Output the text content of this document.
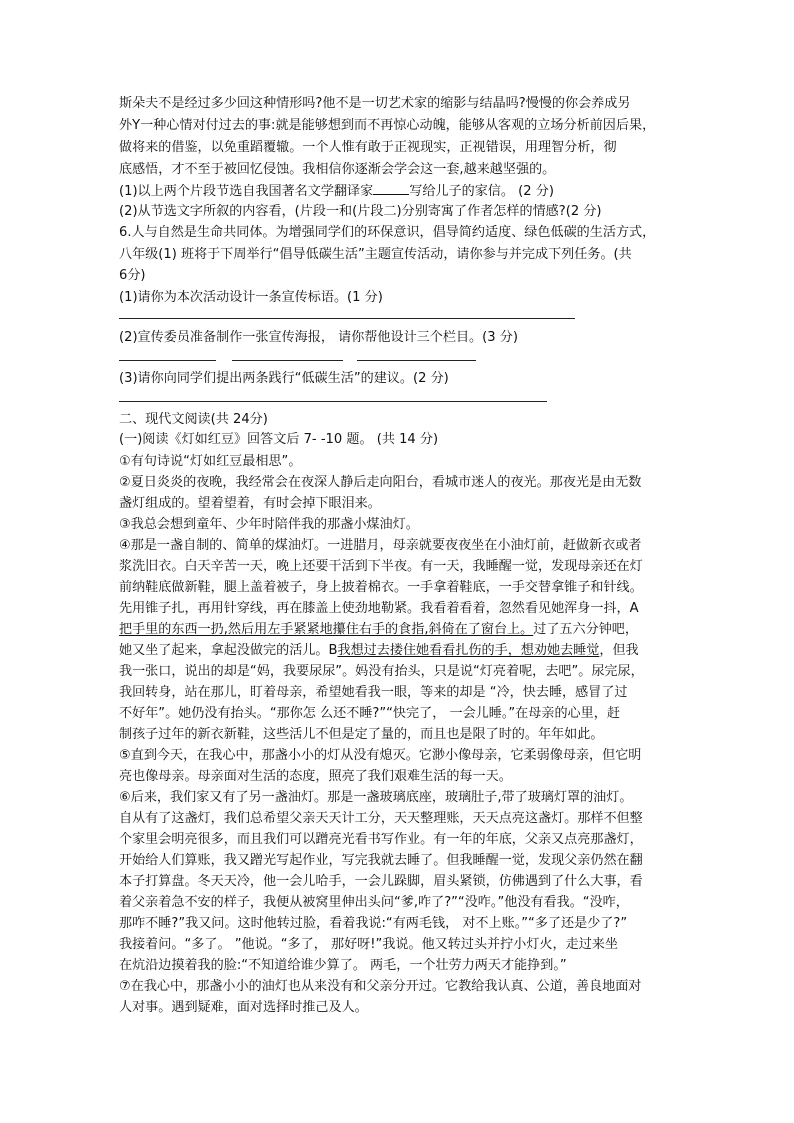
斯朵夫不是经过多少回这种情形吗?他不是一切艺术家的缩影与结晶吗?慢慢的你会养成另
外Y一种心情对付过去的事:就是能够想到而不再惊心动魄，能够从客观的立场分析前因后果，
做将来的借鉴，以免重蹈覆辙。一个人惟有敢于正视现实，正视错误，用理智分析，彻
底感悟，才不至于被回忆侵蚀。我相信你逐渐会学会这一套,越来越坚强的。
(1)以上两个片段节选自我国著名文学翻译家	写给儿子的家信。 (2 分)
(2)从节选文字所叙的内容看，(片段一和(片段二)分别寄寓了作者怎样的情感?(2 分)
6.人与自然是生命共同体。为增强同学们的环保意识，倡导简约适度、绿色低碳的生活方式，
八年级(1) 班将于下周举行“倡导低碳生活”主题宣传活动，请你参与并完成下列任务。(共
6分)
(1)请你为本次活动设计一条宣传标语。(1 分)
(2)宣传委员准备制作一张宣传海报， 请你帮他设计三个栏目。(3 分)
(3)请你向同学们提出两条践行“低碳生活”的建议。(2 分)
二、现代文阅读(共 24分)
(一)阅读《灯如红豆》回答文后 7- -10 题。 (共 14 分)
①有句诗说“灯如红豆最相思”。
②夏日炎炎的夜晚，我经常会在夜深人静后走向阳台，看城市迷人的夜光。那夜光是由无数
盏灯组成的。望着望着，有时会掉下眼泪来。
③我总会想到童年、少年时陪伴我的那盏小煤油灯。
④那是一盏自制的、简单的煤油灯。一进腊月，母亲就要夜夜坐在小油灯前，赶做新衣或者
浆洗旧衣。白天辛苦一天，晚上还要干活到下半夜。有一天，我睡醒一觉，发现母亲还在灯
前纳鞋底做新鞋，腿上盖着被子，身上披着棉衣。一手拿着鞋底，一手交替拿锥子和针线。
先用锥子扎，再用针穿线，再在膝盖上使劲地勒紧。我看着看着，忽然看见她浑身一抖，A
把手里的东西一扔,然后用左手紧紧地攥住右手的食指,斜倚在了窗台上。过了五六分钟吧，
她又坐了起来，拿起没做完的活儿。B我想过去搂住她看看扎伤的手，想劝她去睡觉，但我
我一张口，说出的却是“妈，我要尿尿”。妈没有抬头，只是说“灯亮着呢，去吧”。尿完尿，
我回转身，站在那儿，盯着母亲，希望她看我一眼，等来的却是 “冷，快去睡，感冒了过
不好年”。她仍没有抬头。“那你怎 么还不睡?”“快完了， 一会儿睡。”在母亲的心里，赶
制孩子过年的新衣新鞋，这些活儿不但是定了量的，而且也是限了时的。年年如此。
⑤直到今天，在我心中，那盏小小的灯从没有熄灭。它渺小像母亲，它柔弱像母亲，但它明
亮也像母亲。母亲面对生活的态度，照亮了我们艰难生活的每一天。
⑥后来，我们家又有了另一盏油灯。那是一盏玻璃底座，玻璃肚子,带了玻璃灯罩的油灯。
自从有了这盏灯，我们总希望父亲天天计工分，天天整理账，天天点亮这盏灯。那样不但整
个家里会明亮很多，而且我们可以蹭亮光看书写作业。有一年的年底，父亲又点亮那盏灯，
开始给人们算账，我又蹭光写起作业，写完我就去睡了。但我睡醒一觉，发现父亲仍然在翻
本子打算盘。冬天天冷，他一会儿哈手，一会儿跺脚，眉头紧锁，仿佛遇到了什么大事，看
着父亲着急不安的样子，我便从被窝里伸出头问“爹,咋了?”“没咋。”他没有看我。“没咋，
那咋不睡?”我又问。这时他转过脸，看着我说:“有两毛钱， 对不上账。”“多了还是少了?”
我接着问。“多了。 ”他说。“多了， 那好呀!”我说。他又转过头并拧小灯火，走过来坐
在炕沿边摸着我的脸:“不知道给谁少算了。 两毛，一个壮劳力两天才能挣到。”
⑦在我心中，那盏小小的油灯也从来没有和父亲分开过。它教给我认真、公道，善良地面对
人对事。遇到疑难，面对选择时推己及人。
